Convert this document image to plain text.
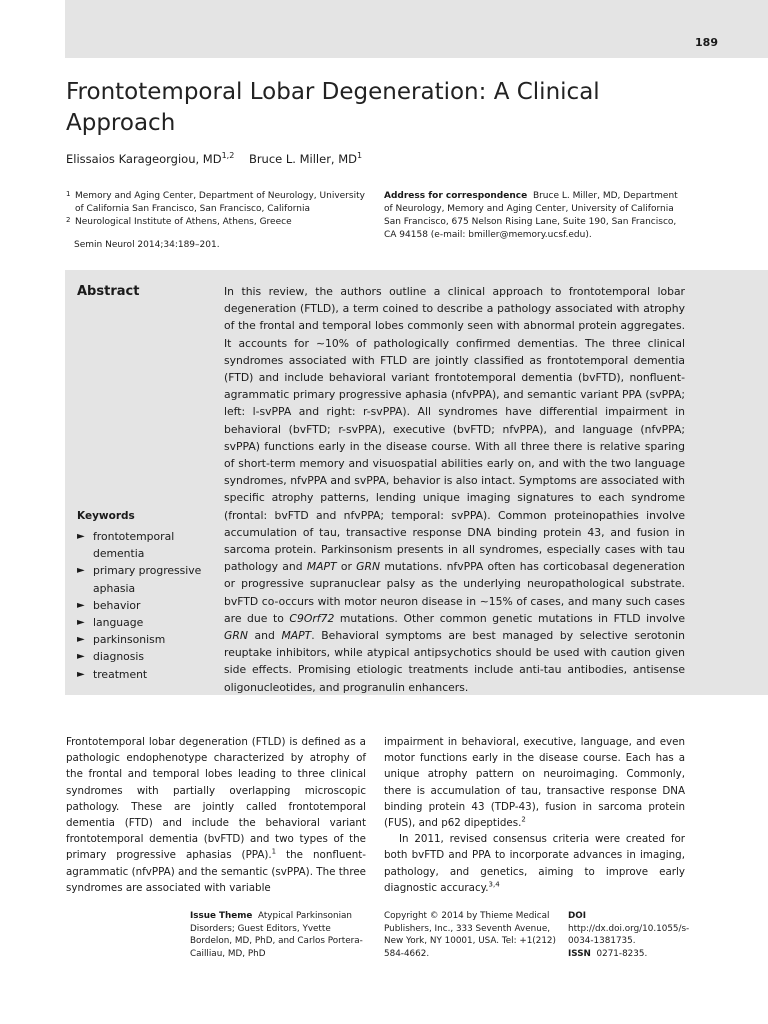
189
Frontotemporal Lobar Degeneration: A Clinical Approach
Elissaios Karageorgiou, MD$^{1,2}$ Bruce L. Miller, $MD^1$
1 Memory and Aging Center, Department of Neurology, University of California San Francisco, San Francisco, California
2 Neurological Institute of Athens, Athens, Greece
Address for correspondence Bruce L. Miller, MD, Department of Neurology, Memory and Aging Center, University of California San Francisco, 675 Nelson Rising Lane, Suite 190, San Francisco, CA 94158 (e-mail: bmiller@memory.ucsf.edu).
Semin Neurol 2014;34:189–201.
Abstract	In this review, the authors outline a clinical approach to frontotemporal lobar degeneration (FTLD), a term coined to describe a pathology associated with atrophy of the frontal and temporal lobes commonly seen with abnormal protein aggregates. It accounts for ∼10% of pathologically confirmed dementias. The three clinical syndromes associated with FTLD are jointly classified as frontotemporal dementia (FTD) and include behavioral variant frontotemporal dementia (bvFTD), nonfluent-agrammatic primary progressive aphasia (nfvPPA), and semantic variant PPA (svPPA; left: l-svPPA and right: r-svPPA). All syndromes have differential impairment in behavioral (bvFTD; r-svPPA), executive (bvFTD; nfvPPA), and language (nfvPPA; svPPA) functions early in the disease course. With all three there is relative sparing of short-term memory and visuospatial abilities early on, and with the two language syndromes, nfvPPA and svPPA, behavior is also intact. Symptoms are associated with specific atrophy patterns, lending unique imaging signatures to each syndrome (frontal: bvFTD and nfvPPA; temporal: svPPA). Common proteinopathies involve accumulation of tau, transactive response DNA binding protein 43, and fusion in sarcoma protein. Parkinsonism presents in all syndromes, especially cases with tau pathology and MAPT or GRN mutations. nfvPPA often has corticobasal degeneration or progressive supranuclear palsy as the underlying neuropathological substrate. bvFTD co-occurs with motor neuron disease in ∼15% of cases, and many such cases are due to C9Orf72 mutations. Other common genetic mutations in FTLD involve GRN and MAPT. Behavioral symptoms are best managed by selective serotonin reuptake inhibitors, while atypical antipsychotics should be used with caution given side effects. Promising etiologic treatments include anti-tau antibodies, antisense oligonucleotides, and progranulin enhancers.
Keywords
► frontotemporal dementia
► primary progressive aphasia
► behavior
► language
► parkinsonism
► diagnosis
► treatment
Frontotemporal lobar degeneration (FTLD) is defined as a pathologic endophenotype characterized by atrophy of the frontal and temporal lobes leading to three clinical syndromes with partially overlapping microscopic pathology. These are jointly called frontotemporal dementia (FTD) and include the behavioral variant frontotemporal dementia (bvFTD) and two types of the primary progressive aphasias (PPA).$^1$ the nonfluent-agrammatic (nfvPPA) and the semantic (svPPA). The three syndromes are associated with variable

impairment in behavioral, executive, language, and even motor functions early in the disease course. Each has a unique atrophy pattern on neuroimaging. Commonly, there is accumulation of tau, transactive response DNA binding protein 43 (TDP-43), fusion in sarcoma protein (FUS), and p62 dipeptides.$^2$

In 2011, revised consensus criteria were created for both bvFTD and PPA to incorporate advances in imaging, pathology, and genetics, aiming to improve early diagnostic accuracy.$^{3,4}$

Issue Theme Atypical Parkinsonian Disorders; Guest Editors, Yvette Bordelon, MD, PhD, and Carlos Portera-Cailliau, MD, PhD
Copyright © 2014 by Thieme Medical Publishers, Inc., 333 Seventh Avenue, New York, NY 10001, USA. Tel: +1(212) 584-4662.
DOI  http://dx.doi.org/10.1055/s-0034-1381735.
ISSN 0271-8235.
